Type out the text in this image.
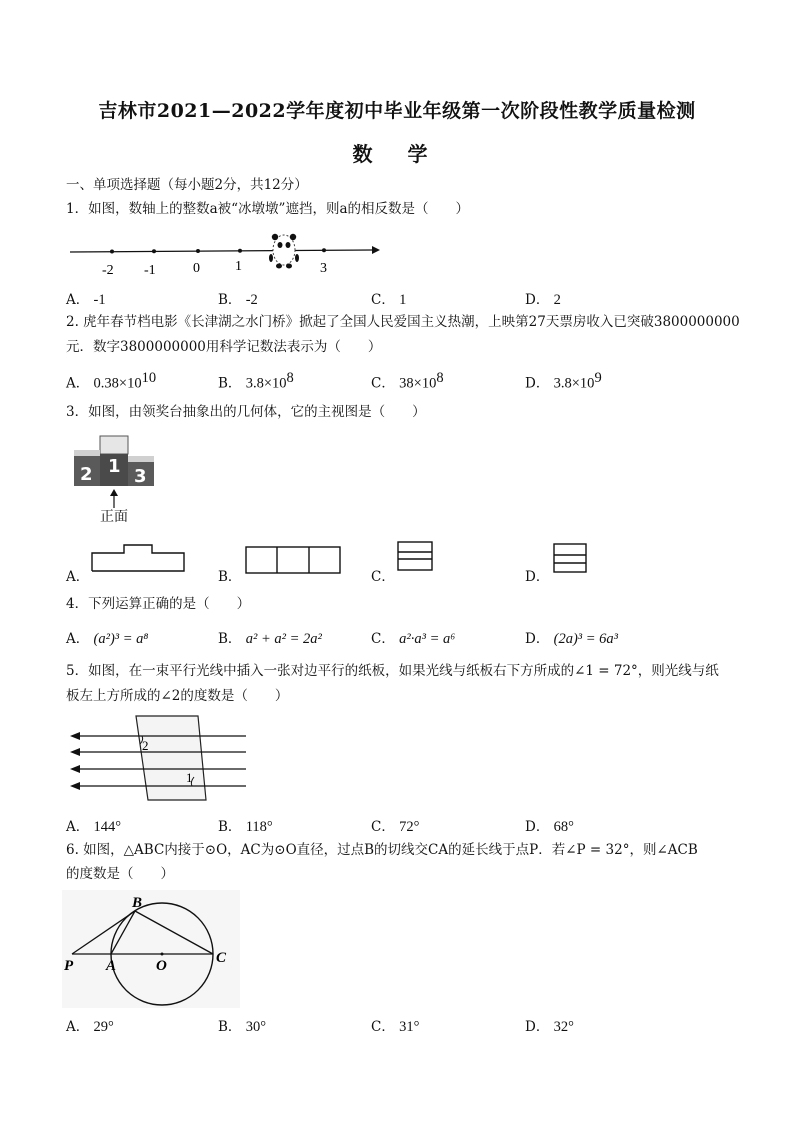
吉林市2021—2022学年度初中毕业年级第一次阶段性教学质量检测
数 学
一、单项选择题（每小题2分，共12分）
1．如图，数轴上的整数a被“冰墩墩”遮挡，则a的相反数是（　　）
-2 -1	0	1	3
A． -1	B． -2	C． 1	D． 2
2. 虎年春节档电影《长津湖之水门桥》掀起了全国人民爱国主义热潮，上映第27天票房收入已突破3800000000
元．数字3800000000用科学记数法表示为（　　）
A． $0.38\times 10^{10}$	B． $3.8\times 10^8$	C． $38\times 10^8$	D． $3.8\times 10^9$
3．如图，由领奖台抽象出的几何体，它的主视图是（　　）
2 1 3
正面
A．	B．	C．	D．
4．下列运算正确的是（　　）
A． (a²)³ = a⁸	B． a² + a² = 2a²	C． a²·a³ = a⁶	D． (2a)³ = 6a³
5．如图，在一束平行光线中插入一张对边平行的纸板，如果光线与纸板右下方所成的∠1 = 72°，则光线与纸
板左上方所成的∠2的度数是（　　）
2
1
A． 144°	B． 118°	C． 72°	D． 68°
6. 如图，△ABC内接于⊙O，AC为⊙O直径，过点B的切线交CA的延长线于点P．若∠P = 32°，则∠ACB
的度数是（　　）
B
P A	O	C
A． 29°	B． 30°	C． 31°	D． 32°
